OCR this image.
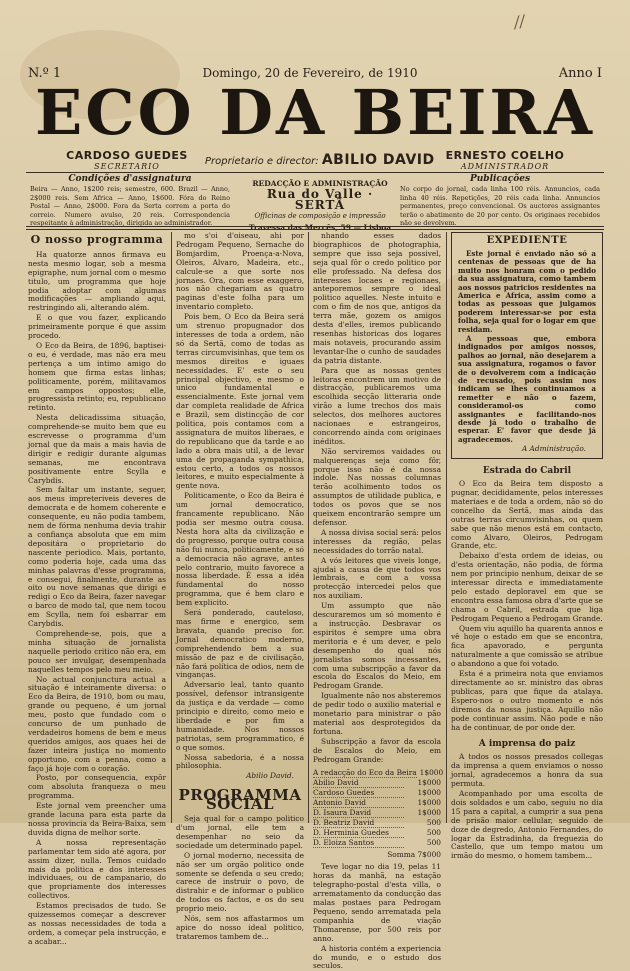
//
N.º 1	Domingo, 20 de Fevereiro, de 1910	Anno I
ECO DA BEIRA
CARDOSO GUEDES
SECRETARIO	Proprietario e director: ABILIO DAVID ERNESTO COELHO
ADMINISTRADOR
Condições d'assignatura
Beira — Anno, 1$200 reis; semestre, 600. Brazil — Anno, 2$000 reis. Sem Africa — Anno, 1$600. Fóra do Reino Postal — Anno, 2$000. Fora da Serta correm a porta do correio. Numero avulso, 20 reis. Correspondencia respeitante à administração, dirigida ao administrador.
REDACÇÃO E ADMINISTRAÇÃO
Rua do Valle · SERTÃ
Officinas de composição e impressão
Travessa das Mercês, 59 — Lisboa
Publicações
No corpo do jornal, cada linha 100 réis. Annuncios, cada linha 40 réis. Repetições, 20 réis cada linha. Annuncios permanentes, preço convencional. Os auctores assignantes terão o abatimento de 20 por cento. Os originaes recebidos não se devolvem.
O nosso programma

Ha quatorze annos firmava eu nesta mesmo logar, sob a mesma epigraphe, num jornal com o mesmo titulo, um programma que hoje podia adoptar com algumas modificações — ampliando aqui, restringindo ali, alterando além.

E o que vou fazer, explicando primeiramente porque é que assim procedo.

O Eco da Beira, de 1896, baptisei-o eu, é verdade, mas não era meu pertença a um intimo amigo do homem que firma estas linhas; politicamente, porém, militavamos em campos oppostos; elle, progressista retinto; eu, republicano retinto.

Nesta delicadissima situação, comprehende-se muito bem que eu escrevesse o programma d'um jornal que da mais a mais havia de dirigir e redigir durante algumas semanas, me encontrava positivamente entre Scylla e Carybdis.

Sem faltar um instante, seguer, aos meus impreteriveis deveres de democrata e de homem coherente e consequente, eu não podia tambem, nem de fórma nenhuma devia trahir a confiança absoluta que em mim depositára o proprietario do nascente periodico. Mais, portanto, como poderia hoje, cada uma das minhas palavras d'esse programma, e consegui, finalmente, durante as oito ou nove semanas que dirigi e redigi o Eco da Beira, fazer navegar o barco de modo tal, que nem tocou em Scylla, nem foi esbarrar em Carybdis.

Comprehende-se, pois, que a minha situação de jornalista naquelle periodo critico não era, em pouco ser invulgar, desempenhada naquelles tempos pelo meu meio.

No actual conjunctura actual a situação é inteiramente diversa: o Eco da Beira, de 1910, bom ou mau, grande ou pequeno, é um jornal meu, posto que fundado com o concurso de um punhado de verdadeiros homens de bem e meus queridos amigos, aos quaes hei de fazer inteira justiça no momento opportuno, com a penna, como a faço já hoje com o coração.

Posto, por consequencia, expôr com absoluta franqueza o meu programma.

Este jornal vem preencher uma grande lacuna para esta parte da nossa provincia da Beira-Baixa, sem duvida digna de melhor sorte.

A nossa representação parlamentar tem sido até agora, por assim dizer, nulla. Temos cuidado mais da politica e dos interesses individuaes, ou de campanario, do que propriamente dos interesses collectivos.

Estamos precisados de tudo. Se quizessemos começar a descrever as nossas necessidades de toda a ordem, a começar pela instrucção, e a acabar...

mo s'oi d'oiseau, ahi por Pedrogam Pequeno, Sernache do Bomjardim, Proença-a-Nova, Oleiros, Alvaro, Madeira, etc., calcule-se a que sorte nos jornaes. Ora, com esse exaggero, nos não chegariam as quatro paginas d'este folha para um inventario completo.

Pois bem, O Eco da Beira será um strenuo propugnador dos interesses de toda a ordem, não só da Sertã, como de todas as terras circumvisinhas, que tem os mesmos direitos e iguaes necessidades. E' este o seu principal objectivo, e mesmo o unico fundamental e essencialmente. Este jornal vem dar completa realidade de Africa e Brazil, sem distincção de cor politica, pois contamos com a assignatura de muitos liberaes, e do republicano que da tarde e ao lado a obra mais util, a de levar uma de propaganda sympathica, estou certo, a todos os nossos leitores, e muito especialmente à gente nova.

Politicamente, o Eco da Beira é um jornal democratico, francamente republicano. Não podia ser mesmo outra cousa. Nesta hora alta da civilização e do progresso, porque outra cousa não fui nunca, politicamente, e só a democracia não agrave, antes pelo contrario, muito favorece a nossa liberdade. É essa a idéa fundamental do nosso programma, que é bem claro e bem explicito.

Será ponderado, cauteloso, mas firme e energico, sem bravata, quando preciso for. Jornal democratico moderno, comprehendendo bem a sua missão de paz e de civilisação, não fará política de odios, nem de vinganças.

Adversario leal, tanto quanto possível, defensor intransigente da justiça e da verdade — como principio e direito, como meio e liberdade e por fim a humanidade. Nos nossos patriotas, sem programmatico, é o que somos.

Nossa sabedoria, é a nossa philosophia.

Abilio David.
PROGRAMMA SOCIAL

Seja qual for o campo politico d'um jornal, elle tem a desempenhar no seio da sociedade um determinado papel.

O jornal moderno, necessita de não ser um orgão politico onde somente se defenda o seu credo; carece de instruir o povo, de distrahir e de informar o publico de todos os factos, e os do seu proprio meio.

Nós, sem nos affastarmos um apice do nosso ideal politico, trataremos tambem de...

nhando esses dados biographicos de photographia, sempre que isso seja possivel, seja qual fôr o credo politico por elle professado. Na defesa dos interesses locaes e regionaes, anteporemos sempre o ideal politico aquelles. Neste intuito e com o fim de nos que, antigos da terra mãe, gozem os amigos desta d'elles, iremos publicando resenhas historicas dos logares mais notaveis, procurando assim levantar-lhe o cunho de saudades da patria distante.

Para que as nossas gentes leitoras encontrem um motivo de distracção, publicaremos uma escolhida secção litteraria onde virão a lume trechos dos mais selectos, dos melhores auctores nacionaes e estrangeiros, concorrendo ainda com originaes inéditos.

Não serviremos vaidades ou malquerenças seja como fôr, porque isso não é da nossa indole. Nas nossas columnas terão acolhimento todos os assumptos de utilidade publica, e todos os povos que se nos queixem encontrarão sempre um defensor.

A nossa divisa social será: pelos interesses da região, pelas necessidades do torrão natal.

A vós leitores que viveis longe, ajudai a causa de que todos vos lembrais, e com a vossa protecção intercedei pelos que nos auxiliam.

Um assumpto que não descuraremos um só momento é a instrucção. Desbravar os espiritos é sempre uma obra meritoria e é um dever, e pelo desempenho do qual nós jornalistas somos incessantes, com uma subscripção a favor da escola do Escalos do Meio, em Pedrogam Grande.

Igualmente não nos absteremos de pedir todo o auxilio material e monetario para ministrar o pão material aos desprotegidos da fortuna.

Subscripção a favor da escola de Escalos do Meio, em Pedrogam Grande:

A redacção do Eco da Beira 1$000
Abilio David	1$000
Cardoso Guedes	1$000
Antonio David	1$000
D. Isaura David	1$000
D. Beatriz David	500
D. Herminia Guedes	500
D. Eloiza Santos	500
Somma 7$000

Teve logar no dia 19, pelas 11 horas da manhã, na estação telegrapho-postal d'esta villa, o arrematamento da conducção das malas postaes para Pedrogam Pequeno, sendo arrematada pela companhia de viação Thomarense, por 500 reis por anno.

A historia contém a experiencia do mundo, e o estudo dos seculos.

EXPEDIENTE

Este jornal é enviado não só a centenas de pessoas que de ha muito nos honram com o pedido da sua assignatura, como tambem aos nossos patricios residentes na America e Africa, assim como a todas as pessoas que julgamos poderem interessar-se por esta folha, seja qual for o logar em que residam.

A pessoas que, embora indignados por amigos nossos, palhos ao jornal, não desejarem a sua assignatura, rogamos o favor de o devolverem com a indicação de recusado, pois assim nos indicam se lhes continuamos a remetter e não o fazem, consideramol-os como assignantes e facilitando-nos desde já todo o trabalho de esperar. E' favor que desde já agradecemos.

A Administração.
Estrada do Cabril

O Eco da Beira tem disposto a pugnar, decididamente, pelos interesses materiaes e de toda a ordem, não só do concelho da Sertã, mas ainda das outras terras circumvisinhas, ou quem sabe que não menos está em contacto, como Alvaro, Oleiros, Pedrogam Grande, etc.

Debaixo d'esta ordem de ideias, ou d'esta orientação, não podia, de fórma nem por principio nenhum, deixar de se interessar directa e immediatamente pelo estado deploravel em que se encontra essa famosa obra d'arte que se chama o Cabril, estrada que liga Pedrogam Pequeno a Pedrogam Grande.

Quem viu aquillo ha quarenta annos e vê hoje o estado em que se encontra, fica apavorado, e pergunta naturalmente a que comissão se atribue o abandono a que foi votado.

Esta é a primeira nota que enviamos directamente ao sr. ministro das obras publicas, para que fique da atalaya. Espero-nos o outro momento e nós diremos da nossa justiça. Aquillo não pode continuar assim. Não pode e não ha de continuar, de por onde der.

A imprensa do paiz

A todos os nossos presados collegas da imprensa a quem enviamos o nosso jornal, agradecemos a honra da sua permuta.

Acompanhado por uma escolta de dois soldados e um cabo, seguiu no dia 15 para a capital, a cumprir a sua pena de prisão maior cellular, seguido de doze de degredo, Antonio Fernandes, do logar da Estradinha, da freguezia do Castello, que um tempo matou um irmão do mesmo, o homem tambem...
